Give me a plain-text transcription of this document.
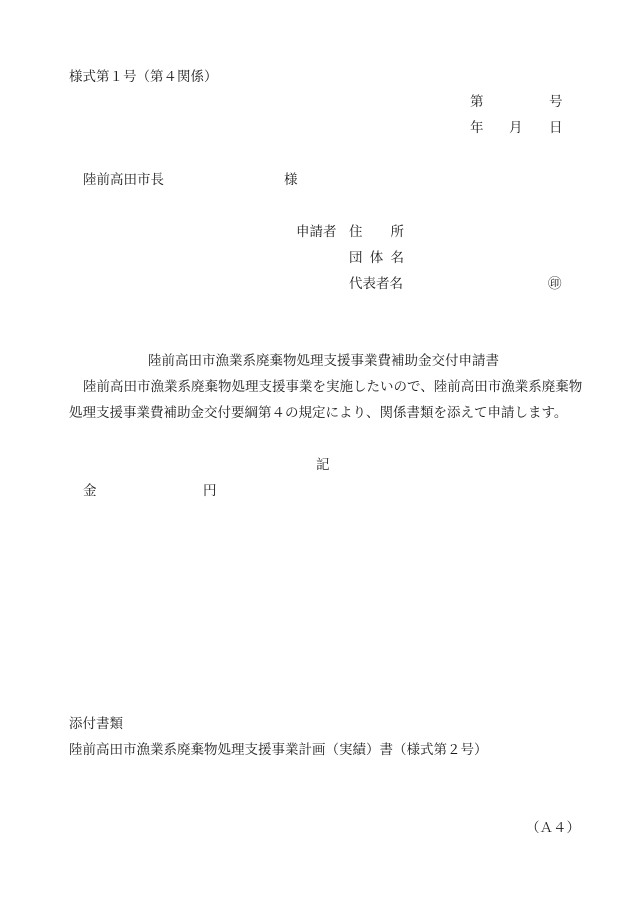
様式第１号（第４関係）
第	号
年 月 日
陸前高田市長	様
申請者 住 所
団 体 名
代表者名	㊞
陸前高田市漁業系廃棄物処理支援事業費補助金交付申請書
陸前高田市漁業系廃棄物処理支援事業を実施したいので、陸前高田市漁業系廃棄物
処理支援事業費補助金交付要綱第４の規定により、関係書類を添えて申請します。
記
金	円
添付書類
陸前高田市漁業系廃棄物処理支援事業計画（実績）書（様式第２号）
（Ａ４）
